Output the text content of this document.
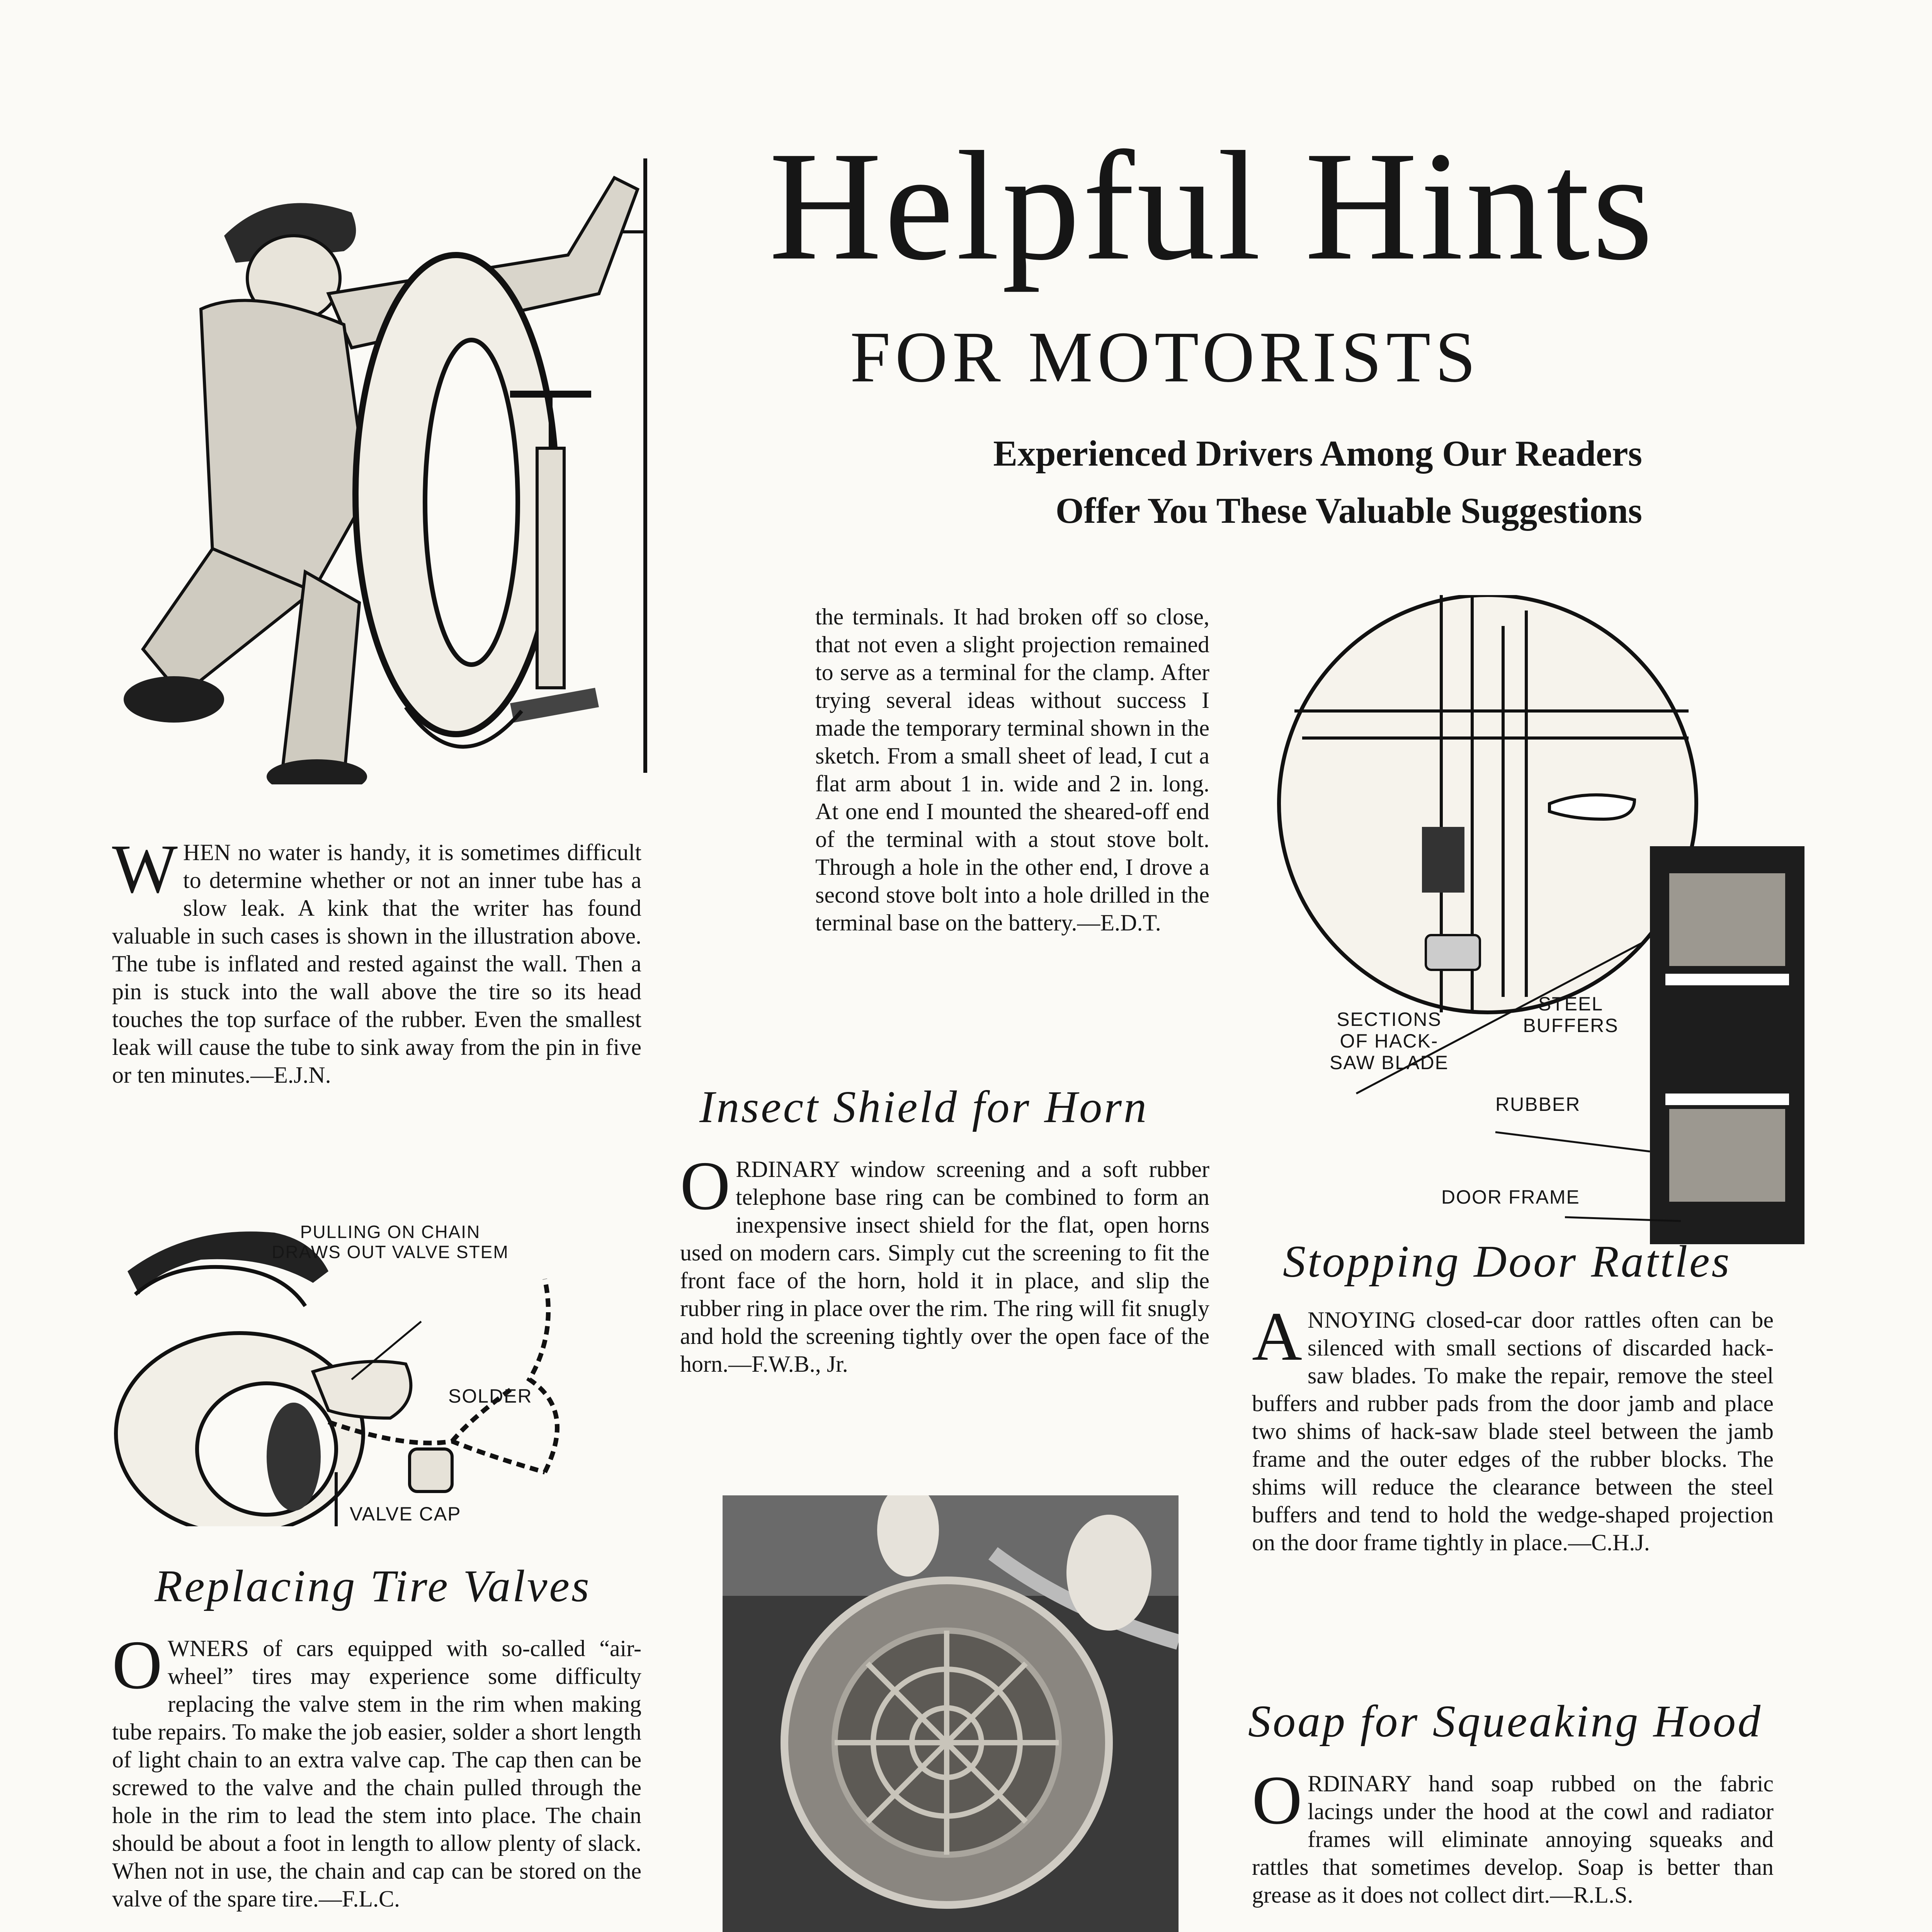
Helpful Hints
FOR MOTORISTS
Experienced Drivers Among Our Readers
Offer You These Valuable Suggestions

WHEN no water is handy, it is sometimes difficult to determine whether or not an inner tube has a slow leak. A kink that the writer has found valuable in such cases is shown in the illustration above. The tube is inflated and rested against the wall. Then a pin is stuck into the wall above the tire so its head touches the top surface of the rubber. Even the smallest leak will cause the tube to sink away from the pin in five or ten minutes.—E.J.N.

PULLING ON CHAIN DRAWS OUT VALVE STEM
SOLDER
VALVE CAP
Replacing Tire Valves

OWNERS of cars equipped with so-called “air-wheel” tires may experience some difficulty replacing the valve stem in the rim when making tube repairs. To make the job easier, solder a short length of light chain to an extra valve cap. The cap then can be screwed to the valve and the chain pulled through the hole in the rim to lead the stem into place. The chain should be about a foot in length to allow plenty of slack. When not in use, the chain and cap can be stored on the valve of the spare tire.—F.L.C.

the terminals. It had broken off so close, that not even a slight projection remained to serve as a terminal for the clamp. After trying several ideas without success I made the temporary terminal shown in the sketch. From a small sheet of lead, I cut a flat arm about 1 in. wide and 2 in. long. At one end I mounted the sheared-off end of the terminal with a stout stove bolt. Through a hole in the other end, I drove a second stove bolt into a hole drilled in the terminal base on the battery.—E.D.T.

Insect Shield for Horn

ORDINARY window screening and a soft rubber telephone base ring can be combined to form an inexpensive insect shield for the flat, open horns used on modern cars. Simply cut the screening to fit the front face of the horn, hold it in place, and slip the rubber ring in place over the rim. The ring will fit snugly and hold the screening tightly over the open face of the horn.—F.W.B., Jr.

SECTIONS OF HACK-SAW BLADE
STEEL BUFFERS
RUBBER
DOOR FRAME
Stopping Door Rattles

ANNOYING closed-car door rattles often can be silenced with small sections of discarded hack-saw blades. To make the repair, remove the steel buffers and rubber pads from the door jamb and place two shims of hack-saw blade steel between the jamb frame and the outer edges of the rubber blocks. The shims will reduce the clearance between the steel buffers and tend to hold the wedge-shaped projection on the door frame tightly in place.—C.H.J.

Soap for Squeaking Hood

ORDINARY hand soap rubbed on the fabric lacings under the hood at the cowl and radiator frames will eliminate annoying squeaks and rattles that sometimes develop. Soap is better than grease as it does not collect dirt.—R.L.S.
